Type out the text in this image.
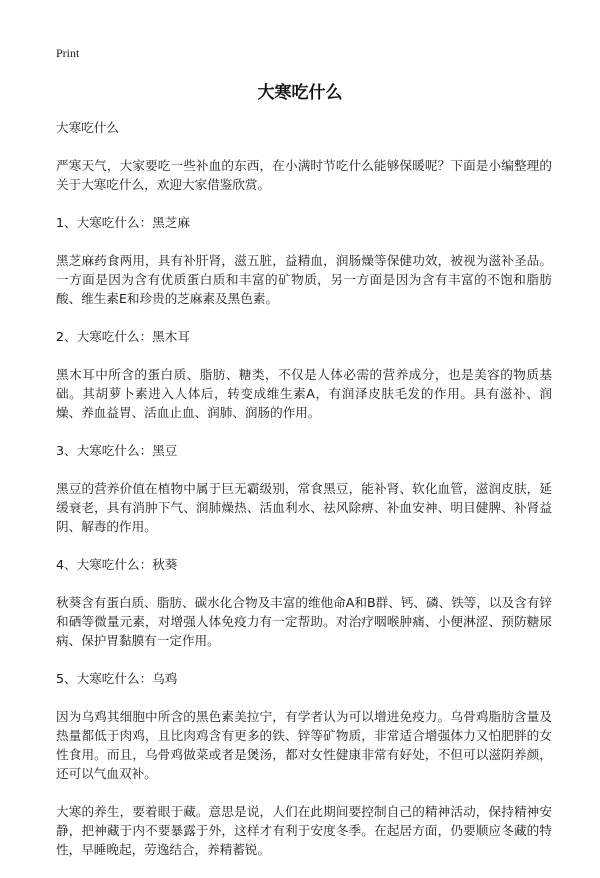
Print
大寒吃什么

大寒吃什么

严寒天气，大家要吃一些补血的东西，在小满时节吃什么能够保暖呢？下面是小编整理的关于大寒吃什么，欢迎大家借鉴欣赏。

1、大寒吃什么：黑芝麻

黑芝麻药食两用，具有补肝肾，滋五脏，益精血，润肠燥等保健功效，被视为滋补圣品。一方面是因为含有优质蛋白质和丰富的矿物质，另一方面是因为含有丰富的不饱和脂肪酸、维生素E和珍贵的芝麻素及黑色素。

2、大寒吃什么：黑木耳

黑木耳中所含的蛋白质、脂肪、糖类，不仅是人体必需的营养成分，也是美容的物质基础。其胡萝卜素进入人体后，转变成维生素A，有润泽皮肤毛发的作用。具有滋补、润燥、养血益胃、活血止血、润肺、润肠的作用。

3、大寒吃什么：黑豆

黑豆的营养价值在植物中属于巨无霸级别，常食黑豆，能补肾、软化血管，滋润皮肤，延缓衰老，具有消肿下气、润肺燥热、活血利水、祛风除痹、补血安神、明目健脾、补肾益阴、解毒的作用。

4、大寒吃什么：秋葵

秋葵含有蛋白质、脂肪、碳水化合物及丰富的维他命A和B群、钙、磷、铁等，以及含有锌和硒等微量元素，对增强人体免疫力有一定帮助。对治疗咽喉肿痛、小便淋涩、预防糖尿病、保护胃黏膜有一定作用。

5、大寒吃什么：乌鸡

因为乌鸡其细胞中所含的黑色素美拉宁，有学者认为可以增进免疫力。乌骨鸡脂肪含量及热量都低于肉鸡，且比肉鸡含有更多的铁、锌等矿物质，非常适合增强体力又怕肥胖的女性食用。而且，乌骨鸡做菜或者是煲汤，都对女性健康非常有好处，不但可以滋阴养颜，还可以气血双补。

大寒的养生，要着眼于藏。意思是说，人们在此期间要控制自己的精神活动，保持精神安静，把神藏于内不要暴露于外，这样才有利于安度冬季。在起居方面，仍要顺应冬藏的特性，早睡晚起，劳逸结合，养精蓄锐。
